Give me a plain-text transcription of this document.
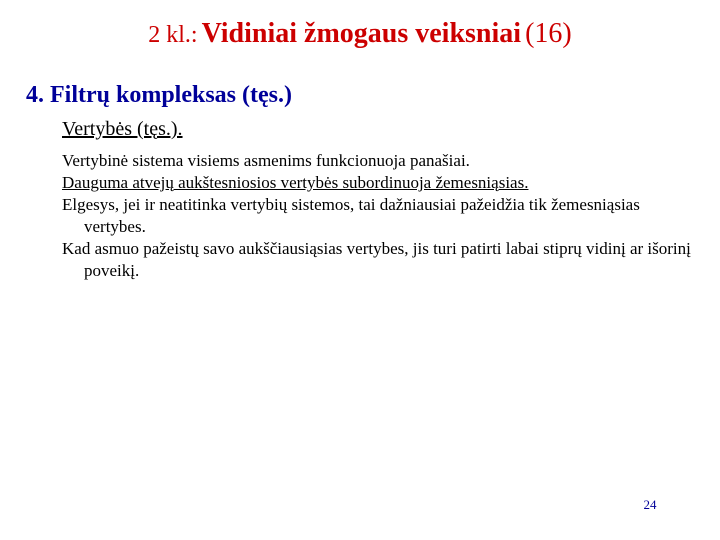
2 kl.: Vidiniai žmogaus veiksniai (16)
4. Filtrų kompleksas (tęs.)
Vertybės (tęs.).

Vertybinė sistema visiems asmenims funkcionuoja panašiai.

Dauguma atvejų aukštesniosios vertybės subordinuoja žemesniąsias.

Elgesys, jei ir neatitinka vertybių sistemos, tai dažniausiai pažeidžia tik žemesniąsias vertybes.

Kad asmuo pažeistų savo aukščiausiąsias vertybes, jis turi patirti labai stiprų vidinį ar išorinį poveikį.

24
